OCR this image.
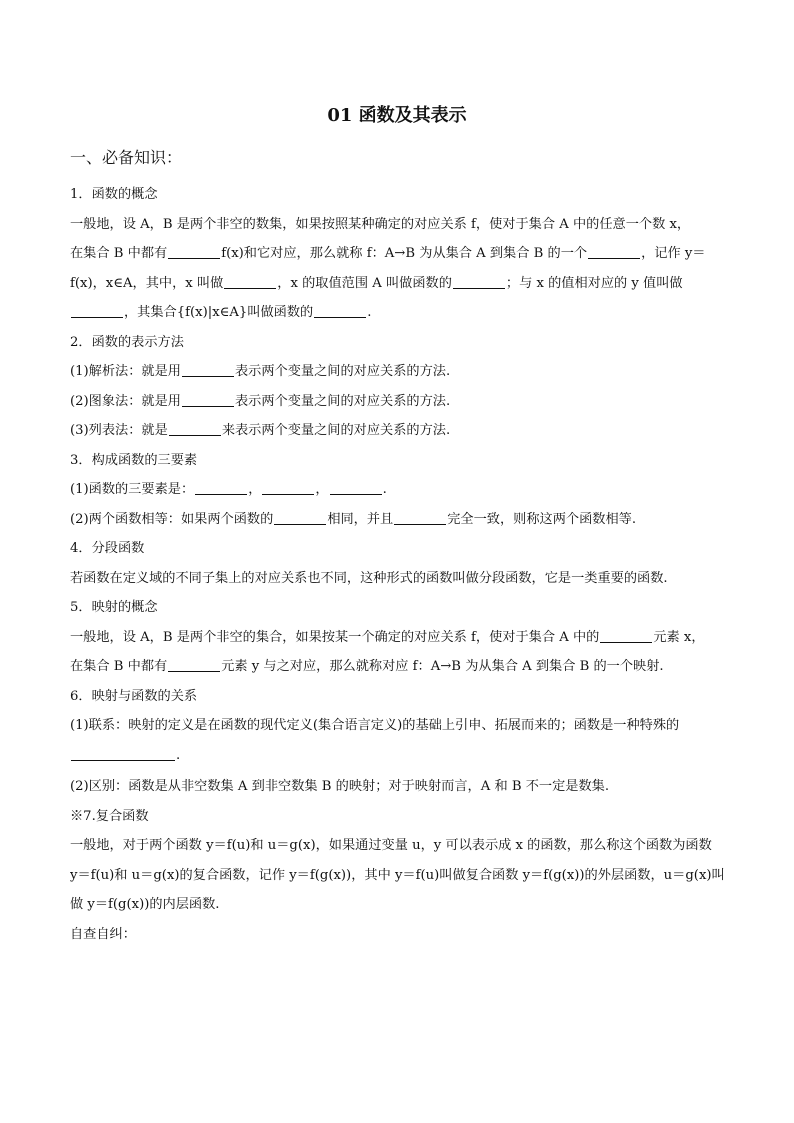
01 函数及其表示
一、必备知识：
1．函数的概念
一般地，设 A，B 是两个非空的数集，如果按照某种确定的对应关系 f，使对于集合 A 中的任意一个数 x，
在集合 B 中都有	f(x)和它对应，那么就称 f：A→B 为从集合 A 到集合 B 的一个	，记作 y＝
f(x)，x∈A，其中，x 叫做	，x 的取值范围 A 叫做函数的	；与 x 的值相对应的 y 值叫做
，其集合{f(x)|x∈A}叫做函数的	.
2．函数的表示方法
(1)解析法：就是用	表示两个变量之间的对应关系的方法.
(2)图象法：就是用	表示两个变量之间的对应关系的方法.
(3)列表法：就是	来表示两个变量之间的对应关系的方法.
3．构成函数的三要素
(1)函数的三要素是：	，	，	.
(2)两个函数相等：如果两个函数的	相同，并且	完全一致，则称这两个函数相等.
4．分段函数
若函数在定义域的不同子集上的对应关系也不同，这种形式的函数叫做分段函数，它是一类重要的函数.
5．映射的概念
一般地，设 A，B 是两个非空的集合，如果按某一个确定的对应关系 f，使对于集合 A 中的	元素 x，
在集合 B 中都有	元素 y 与之对应，那么就称对应 f：A→B 为从集合 A 到集合 B 的一个映射.
6．映射与函数的关系
(1)联系：映射的定义是在函数的现代定义(集合语言定义)的基础上引申、拓展而来的；函数是一种特殊的
.
(2)区别：函数是从非空数集 A 到非空数集 B 的映射；对于映射而言，A 和 B 不一定是数集.
※7.复合函数
一般地，对于两个函数 y＝f(u)和 u＝g(x)，如果通过变量 u，y 可以表示成 x 的函数，那么称这个函数为函数
y＝f(u)和 u＝g(x)的复合函数，记作 y＝f(g(x))，其中 y＝f(u)叫做复合函数 y＝f(g(x))的外层函数，u＝g(x)叫
做 y＝f(g(x))的内层函数.
自查自纠：
